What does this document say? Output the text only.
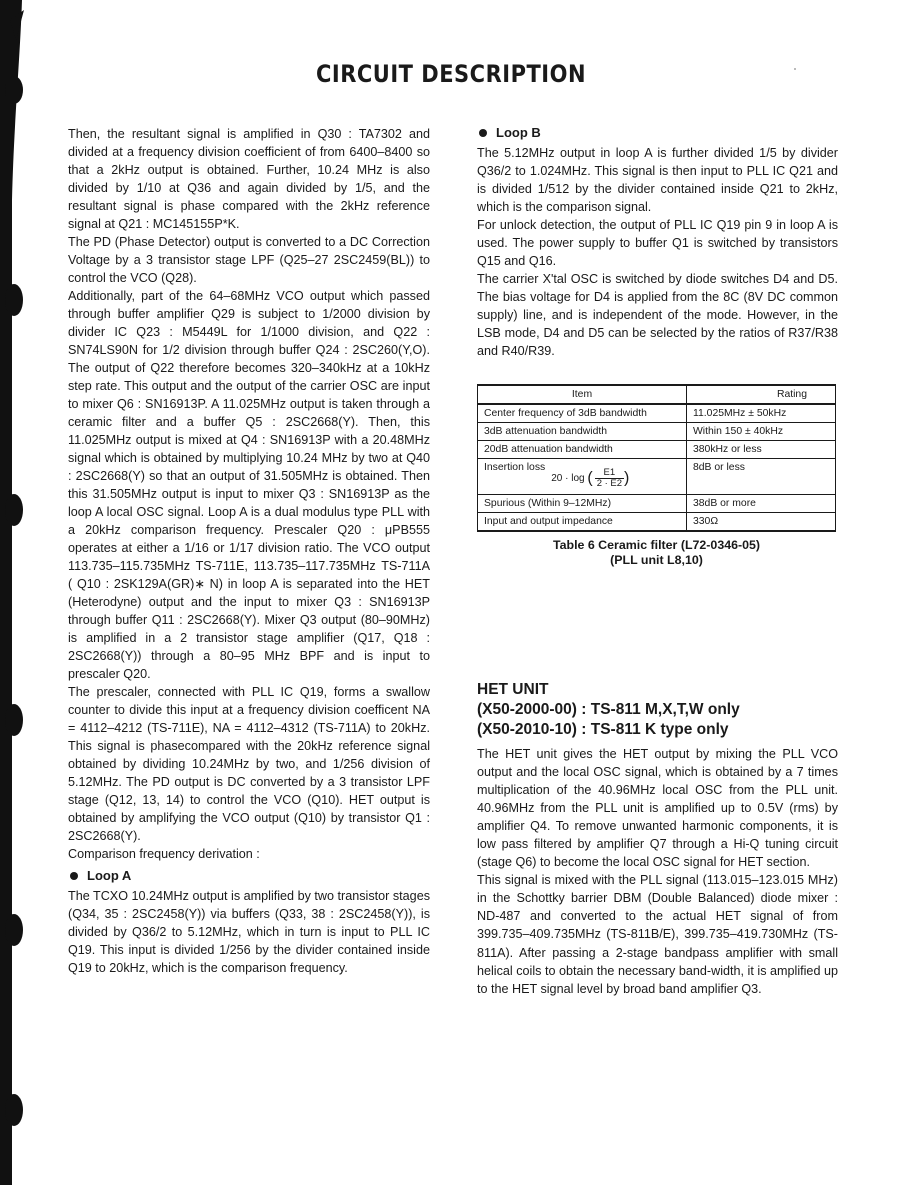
CIRCUIT DESCRIPTION

Then, the resultant signal is amplified in Q30 : TA7302 and divided at a frequency division coefficient of from 6400–8400 so that a 2kHz output is obtained. Further, 10.24 MHz is also divided by 1/10 at Q36 and again divided by 1/5, and the resultant signal is phase compared with the 2kHz reference signal at Q21 : MC145155P*K.

The PD (Phase Detector) output is converted to a DC Correction Voltage by a 3 transistor stage LPF (Q25–27 2SC2459(BL)) to control the VCO (Q28).

Additionally, part of the 64–68MHz VCO output which passed through buffer amplifier Q29 is subject to 1/2000 division by divider IC Q23 : M5449L for 1/1000 division, and Q22 : SN74LS90N for 1/2 division through buffer Q24 : 2SC260(Y,O). The output of Q22 therefore becomes 320–340kHz at a 10kHz step rate. This output and the output of the carrier OSC are input to mixer Q6 : SN16913P. A 11.025MHz output is taken through a ceramic filter and a buffer Q5 : 2SC2668(Y). Then, this 11.025MHz output is mixed at Q4 : SN16913P with a 20.48MHz signal which is obtained by multiplying 10.24 MHz by two at Q40 : 2SC2668(Y) so that an output of 31.505MHz is obtained. Then this 31.505MHz output is input to mixer Q3 : SN16913P as the loop A local OSC signal. Loop A is a dual modulus type PLL with a 20kHz comparison frequency. Prescaler Q20 : μPB555 operates at either a 1/16 or 1/17 division ratio. The VCO output 113.735–115.735MHz TS-711E, 113.735–117.735MHz TS-711A ( Q10 : 2SK129A(GR)∗ N) in loop A is separated into the HET (Heterodyne) output and the input to mixer Q3 : SN16913P through buffer Q11 : 2SC2668(Y). Mixer Q3 output (80–90MHz) is amplified in a 2 transistor stage amplifier (Q17, Q18 : 2SC2668(Y)) through a 80–95 MHz BPF and is input to prescaler Q20.

The prescaler, connected with PLL IC Q19, forms a swallow counter to divide this input at a frequency division coefficent NA = 4112–4212 (TS-711E), NA = 4112–4312 (TS-711A) to 20kHz. This signal is phasecompared with the 20kHz reference signal obtained by dividing 10.24MHz by two, and 1/256 division of 5.12MHz. The PD output is DC converted by a 3 transistor LPF stage (Q12, 13, 14) to control the VCO (Q10). HET output is obtained by amplifying the VCO output (Q10) by transistor Q1 : 2SC2668(Y).

Comparison frequency derivation :

Loop A

The TCXO 10.24MHz output is amplified by two transistor stages (Q34, 35 : 2SC2458(Y)) via buffers (Q33, 38 : 2SC2458(Y)), is divided by Q36/2 to 5.12MHz, which in turn is input to PLL IC Q19. This input is divided 1/256 by the divider contained inside Q19 to 20kHz, which is the comparison frequency.

Loop B

The 5.12MHz output in loop A is further divided 1/5 by divider Q36/2 to 1.024MHz. This signal is then input to PLL IC Q21 and is divided 1/512 by the divider contained inside Q21 to 2kHz, which is the comparison signal.

For unlock detection, the output of PLL IC Q19 pin 9 in loop A is used. The power supply to buffer Q1 is switched by transistors Q15 and Q16.

The carrier X'tal OSC is switched by diode switches D4 and D5. The bias voltage for D4 is applied from the 8C (8V DC common supply) line, and is independent of the mode. However, in the LSB mode, D4 and D5 can be selected by the ratios of R37/R38 and R40/R39.

Item	Rating
Center frequency of 3dB bandwidth	11.025MHz ± 50kHz
3dB attenuation bandwidth	Within 150 ± 40kHz
20dB attenuation bandwidth	380kHz or less
Insertion loss20 · log ( $\frac{E1}{2 \cdot E2}$ )	8dB or less
Spurious (Within 9–12MHz)	38dB or more
Input and output impedance	330Ω
Table 6 Ceramic filter (L72-0346-05)
(PLL unit L8,10)
HET UNIT
(X50-2000-00) : TS-811 M,X,T,W only
(X50-2010-10) : TS-811 K type only

The HET unit gives the HET output by mixing the PLL VCO output and the local OSC signal, which is obtained by a 7 times multiplication of the 40.96MHz local OSC from the PLL unit. 40.96MHz from the PLL unit is amplified up to 0.5V (rms) by amplifier Q4. To remove unwanted harmonic components, it is low pass filtered by amplifier Q7 through a Hi-Q tuning circuit (stage Q6) to become the local OSC signal for HET section.

This signal is mixed with the PLL signal (113.015–123.015 MHz) in the Schottky barrier DBM (Double Balanced) diode mixer : ND-487 and converted to the actual HET signal of from 399.735–409.735MHz (TS-811B/E), 399.735–419.730MHz (TS-811A). After passing a 2-stage bandpass amplifier with small helical coils to obtain the necessary band-width, it is amplified up to the HET signal level by broad band amplifier Q3.
